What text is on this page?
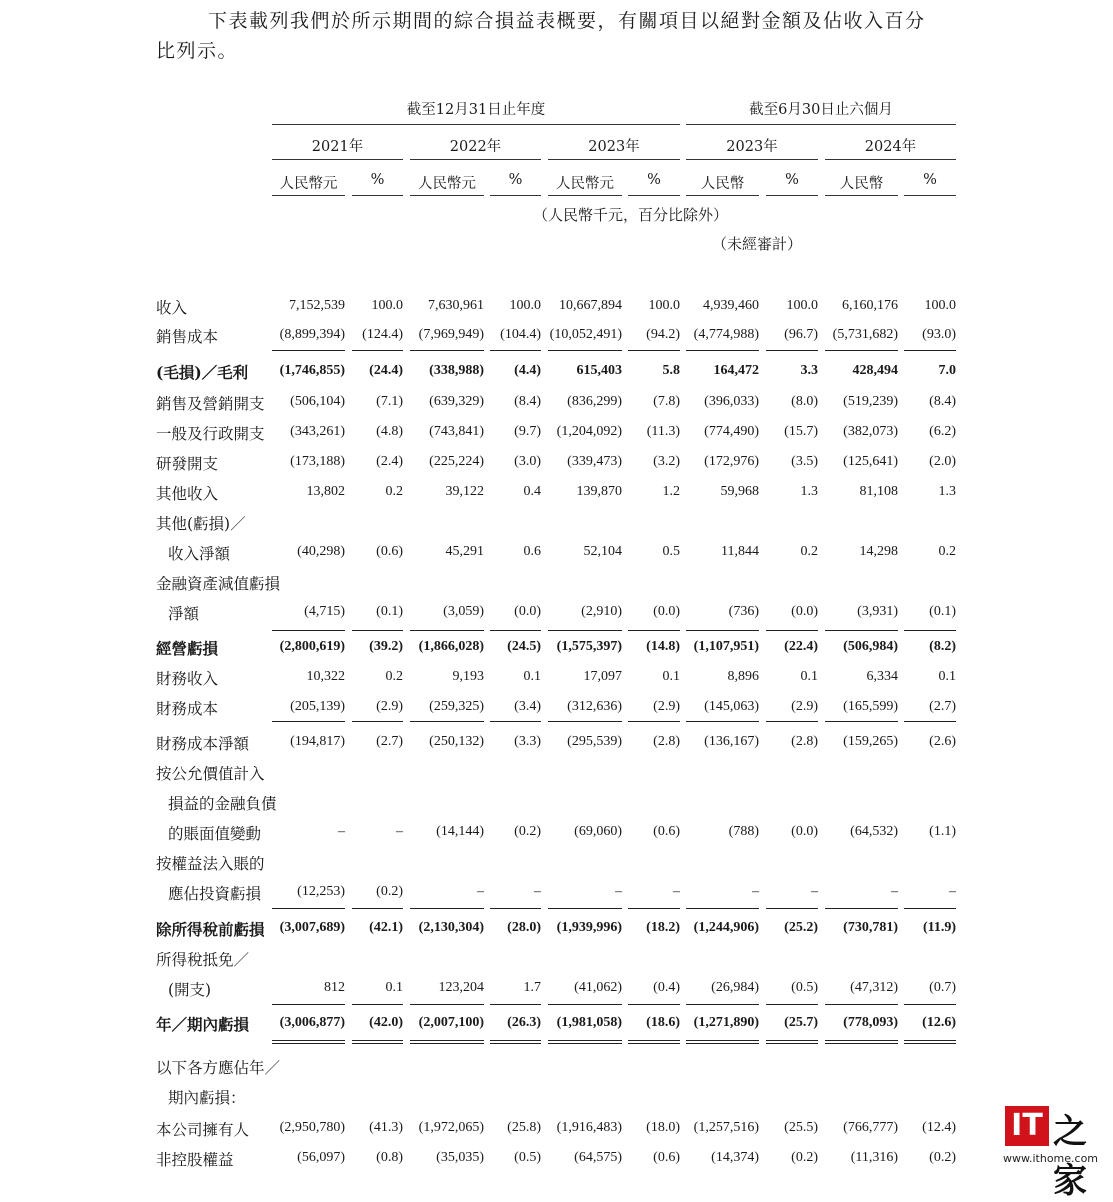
下表載列我們於所示期間的綜合損益表概要，有關項目以絕對金額及佔收入百分
比列示。
截至12月31日止年度	截至6月30日止六個月
2021年	2022年	2023年	2023年	2024年
人民幣元	%	人民幣元	%	人民幣元	%	人民幣	%	人民幣	%
（人民幣千元，百分比除外）
（未經審計）
收入	7,152,539	100.0	7,630,961	100.0	10,667,894	100.0	4,939,460	100.0	6,160,176	100.0
銷售成本	(8,899,394)	(124.4)	(7,969,949)	(104.4) (10,052,491)	(94.2) (4,774,988)	(96.7)	(5,731,682)	(93.0)
(毛損)／毛利	(1,746,855)	(24.4)	(338,988)	(4.4)	615,403	5.8	164,472	3.3	428,494	7.0
銷售及營銷開支	(506,104)	(7.1)	(639,329)	(8.4)	(836,299)	(7.8)	(396,033)	(8.0)	(519,239)	(8.4)
一般及行政開支	(343,261)	(4.8)	(743,841)	(9.7)	(1,204,092)	(11.3)	(774,490)	(15.7)	(382,073)	(6.2)
研發開支	(173,188)	(2.4)	(225,224)	(3.0)	(339,473)	(3.2)	(172,976)	(3.5)	(125,641)	(2.0)
其他收入	13,802	0.2	39,122	0.4	139,870	1.2	59,968	1.3	81,108	1.3
其他(虧損)／
收入淨額	(40,298)	(0.6)	45,291	0.6	52,104	0.5	11,844	0.2	14,298	0.2
金融資產減值虧損
淨額	(4,715)	(0.1)	(3,059)	(0.0)	(2,910)	(0.0)	(736)	(0.0)	(3,931)	(0.1)
經營虧損	(2,800,619)	(39.2)	(1,866,028)	(24.5)	(1,575,397)	(14.8) (1,107,951)	(22.4)	(506,984)	(8.2)
財務收入	10,322	0.2	9,193	0.1	17,097	0.1	8,896	0.1	6,334	0.1
財務成本	(205,139)	(2.9)	(259,325)	(3.4)	(312,636)	(2.9)	(145,063)	(2.9)	(165,599)	(2.7)
財務成本淨額	(194,817)	(2.7)	(250,132)	(3.3)	(295,539)	(2.8)	(136,167)	(2.8)	(159,265)	(2.6)
按公允價值計入
損益的金融負債
的賬面值變動	–	–	(14,144)	(0.2)	(69,060)	(0.6)	(788)	(0.0)	(64,532)	(1.1)
按權益法入賬的
應佔投資虧損	(12,253)	(0.2)	–	–	–	–	–	–	–	–
除所得稅前虧損	(3,007,689)	(42.1)	(2,130,304)	(28.0)	(1,939,996)	(18.2) (1,244,906)	(25.2)	(730,781)	(11.9)
所得稅抵免／
(開支)	812	0.1	123,204	1.7	(41,062)	(0.4)	(26,984)	(0.5)	(47,312)	(0.7)
年／期內虧損	(3,006,877)	(42.0)	(2,007,100)	(26.3)	(1,981,058)	(18.6) (1,271,890)	(25.7)	(778,093)	(12.6)
以下各方應佔年／
期內虧損：
本公司擁有人	(2,950,780)	(41.3)	(1,972,065)	(25.8)	(1,916,483)	(18.0) (1,257,516)	(25.5)	(766,777)	(12.4)
非控股權益	(56,097)	(0.8)	(35,035)	(0.5)	(64,575)	(0.6)	(14,374)	(0.2)	(11,316)	(0.2)
IT 之家
www.ithome.com
